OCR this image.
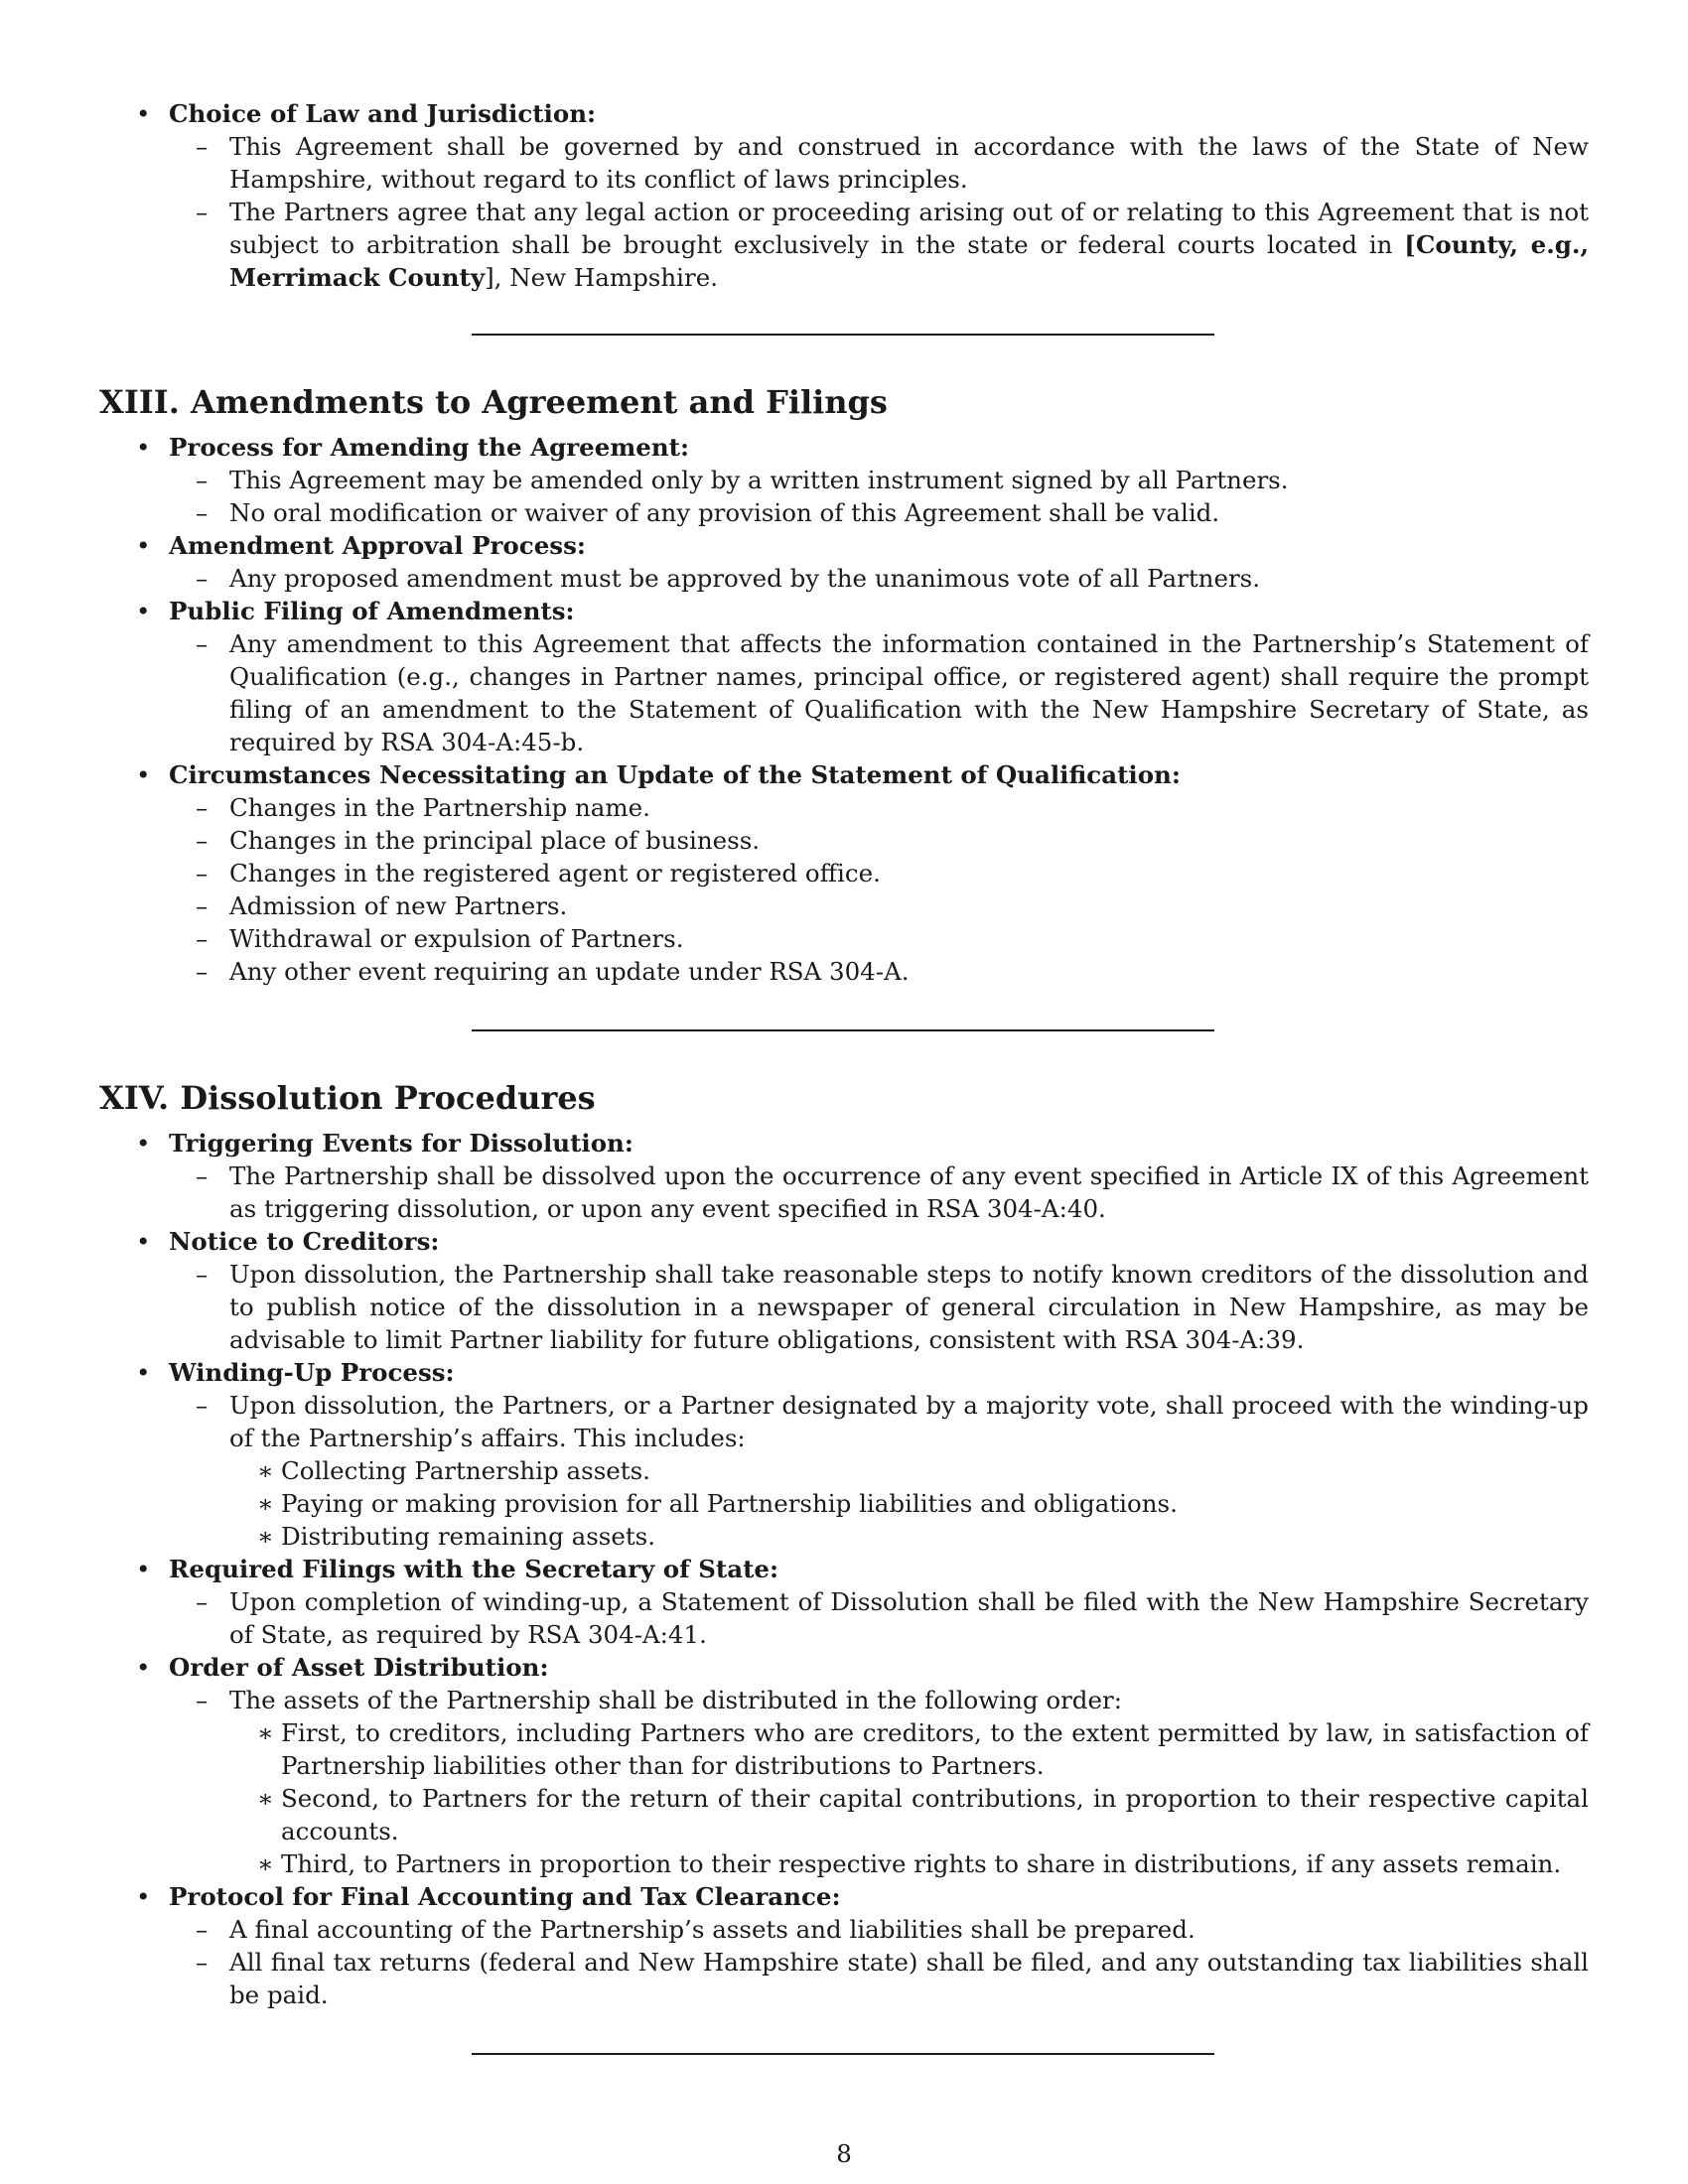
• Choice of Law and Jurisdiction:
– This Agreement shall be governed by and construed in accordance with the laws of the State of New Hampshire, without regard to its conflict of laws principles.
– The Partners agree that any legal action or proceeding arising out of or relating to this Agreement that is not subject to arbitration shall be brought exclusively in the state or federal courts located in [County, e.g., Merrimack County], New Hampshire.
XIII. Amendments to Agreement and Filings
• Process for Amending the Agreement:
– This Agreement may be amended only by a written instrument signed by all Partners.
– No oral modification or waiver of any provision of this Agreement shall be valid.
• Amendment Approval Process:
– Any proposed amendment must be approved by the unanimous vote of all Partners.
• Public Filing of Amendments:
– Any amendment to this Agreement that affects the information contained in the Partnership’s Statement of Qualification (e.g., changes in Partner names, principal office, or registered agent) shall require the prompt filing of an amendment to the Statement of Qualification with the New Hampshire Secretary of State, as required by RSA 304-A:45-b.
• Circumstances Necessitating an Update of the Statement of Qualification:
– Changes in the Partnership name.
– Changes in the principal place of business.
– Changes in the registered agent or registered office.
– Admission of new Partners.
– Withdrawal or expulsion of Partners.
– Any other event requiring an update under RSA 304-A.
XIV. Dissolution Procedures
• Triggering Events for Dissolution:
– The Partnership shall be dissolved upon the occurrence of any event specified in Article IX of this Agreement as triggering dissolution, or upon any event specified in RSA 304-A:40.
• Notice to Creditors:
– Upon dissolution, the Partnership shall take reasonable steps to notify known creditors of the dissolution and to publish notice of the dissolution in a newspaper of general circulation in New Hampshire, as may be advisable to limit Partner liability for future obligations, consistent with RSA 304-A:39.
• Winding-Up Process:
– Upon dissolution, the Partners, or a Partner designated by a majority vote, shall proceed with the winding-up of the Partnership’s affairs. This includes:
∗ Collecting Partnership assets.
∗ Paying or making provision for all Partnership liabilities and obligations.
∗ Distributing remaining assets.
• Required Filings with the Secretary of State:
– Upon completion of winding-up, a Statement of Dissolution shall be filed with the New Hampshire Secretary of State, as required by RSA 304-A:41.
• Order of Asset Distribution:
– The assets of the Partnership shall be distributed in the following order:
∗ First, to creditors, including Partners who are creditors, to the extent permitted by law, in satisfaction of Partnership liabilities other than for distributions to Partners.
∗ Second, to Partners for the return of their capital contributions, in proportion to their respective capital accounts.
∗ Third, to Partners in proportion to their respective rights to share in distributions, if any assets remain.
• Protocol for Final Accounting and Tax Clearance:
– A final accounting of the Partnership’s assets and liabilities shall be prepared.
– All final tax returns (federal and New Hampshire state) shall be filed, and any outstanding tax liabilities shall be paid.
8
